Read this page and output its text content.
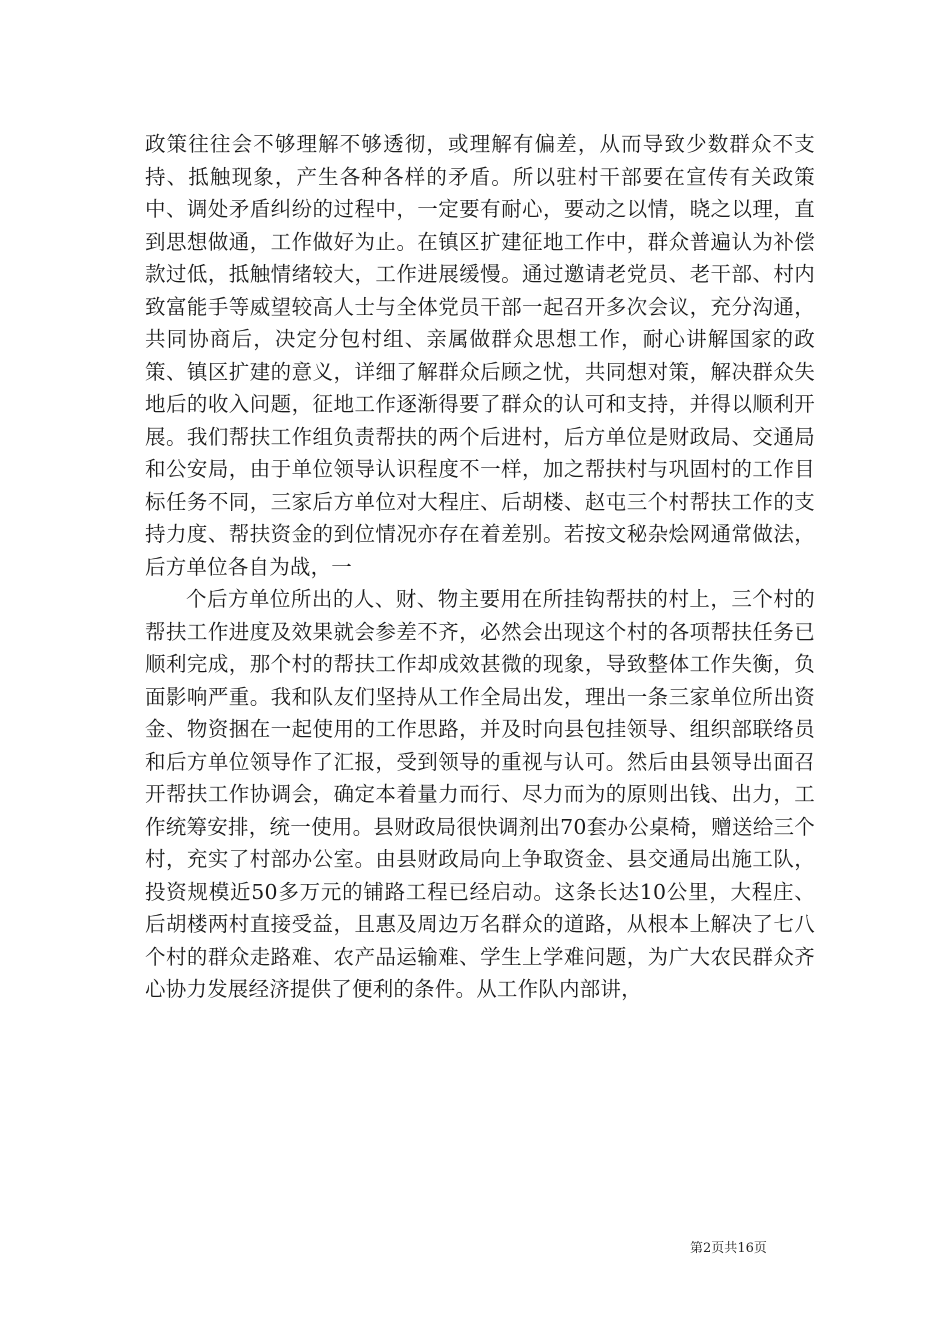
政策往往会不够理解不够透彻，或理解有偏差，从而导致少数群众不支持、抵触现象，产生各种各样的矛盾。所以驻村干部要在宣传有关政策中、调处矛盾纠纷的过程中，一定要有耐心，要动之以情，晓之以理，直到思想做通，工作做好为止。在镇区扩建征地工作中，群众普遍认为补偿款过低，抵触情绪较大，工作进展缓慢。通过邀请老党员、老干部、村内致富能手等威望较高人士与全体党员干部一起召开多次会议，充分沟通，共同协商后，决定分包村组、亲属做群众思想工作，耐心讲解国家的政策、镇区扩建的意义，详细了解群众后顾之忧，共同想对策，解决群众失地后的收入问题，征地工作逐渐得要了群众的认可和支持，并得以顺利开展。我们帮扶工作组负责帮扶的两个后进村，后方单位是财政局、交通局和公安局，由于单位领导认识程度不一样，加之帮扶村与巩固村的工作目标任务不同，三家后方单位对大程庄、后胡楼、赵屯三个村帮扶工作的支持力度、帮扶资金的到位情况亦存在着差别。若按文秘杂烩网通常做法，后方单位各自为战，一

个后方单位所出的人、财、物主要用在所挂钩帮扶的村上，三个村的帮扶工作进度及效果就会参差不齐，必然会出现这个村的各项帮扶任务已顺利完成，那个村的帮扶工作却成效甚微的现象，导致整体工作失衡，负面影响严重。我和队友们坚持从工作全局出发，理出一条三家单位所出资金、物资捆在一起使用的工作思路，并及时向县包挂领导、组织部联络员和后方单位领导作了汇报，受到领导的重视与认可。然后由县领导出面召开帮扶工作协调会，确定本着量力而行、尽力而为的原则出钱、出力，工作统筹安排，统一使用。县财政局很快调剂出70套办公桌椅，赠送给三个村，充实了村部办公室。由县财政局向上争取资金、县交通局出施工队，投资规模近50多万元的铺路工程已经启动。这条长达10公里，大程庄、后胡楼两村直接受益，且惠及周边万名群众的道路，从根本上解决了七八个村的群众走路难、农产品运输难、学生上学难问题，为广大农民群众齐心协力发展经济提供了便利的条件。从工作队内部讲，

第2页共16页
